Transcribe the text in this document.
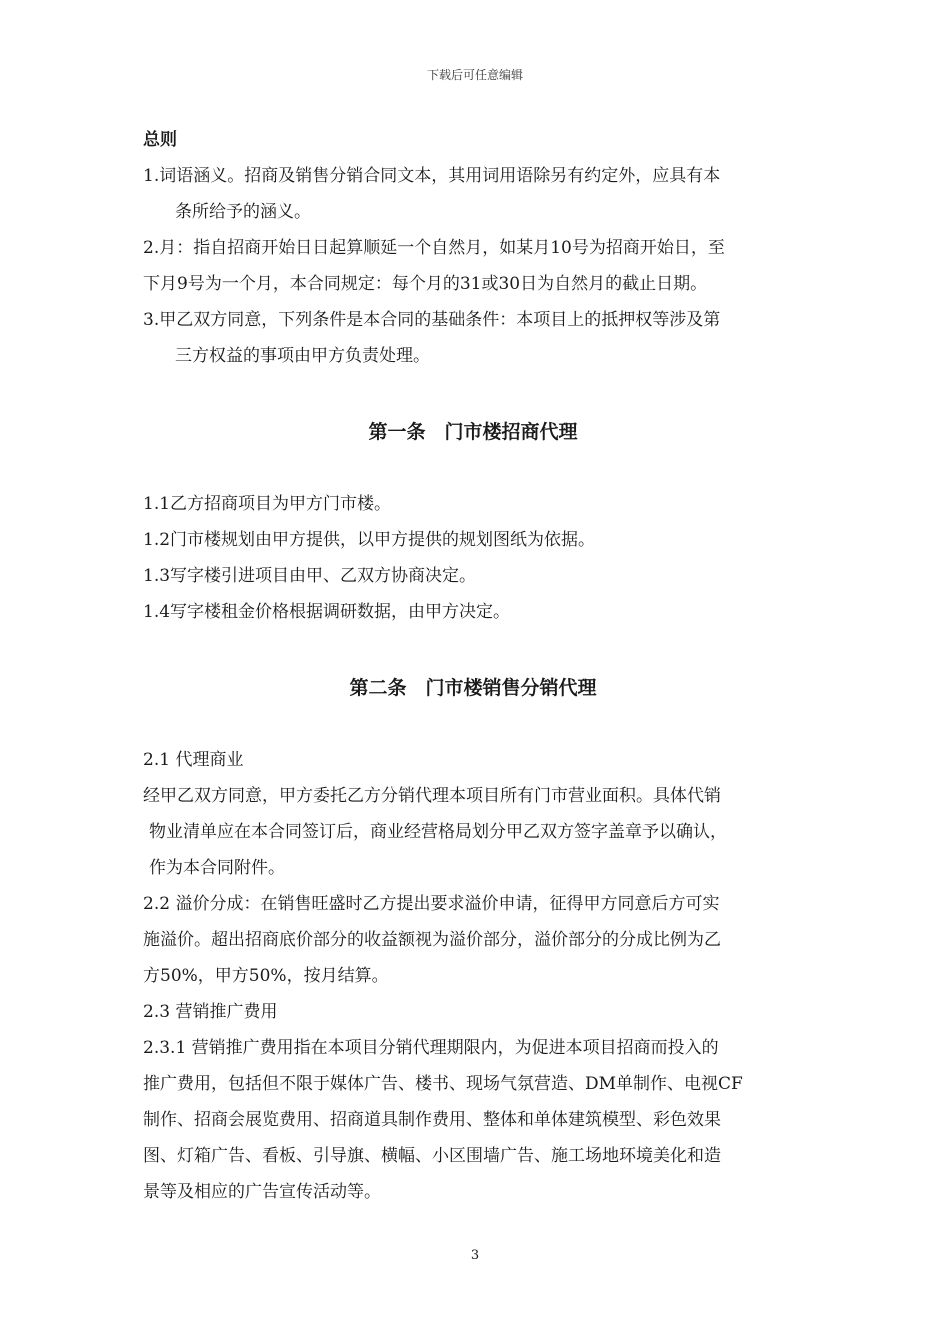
下载后可任意编辑

总则

1.词语涵义。招商及销售分销合同文本，其用词用语除另有约定外，应具有本

条所给予的涵义。

2.月：指自招商开始日日起算顺延一个自然月，如某月10号为招商开始日，至

下月9号为一个月，本合同规定：每个月的31或30日为自然月的截止日期。

3.甲乙双方同意，下列条件是本合同的基础条件：本项目上的抵押权等涉及第

三方权益的事项由甲方负责处理。

第一条　门市楼招商代理

1.1乙方招商项目为甲方门市楼。

1.2门市楼规划由甲方提供，以甲方提供的规划图纸为依据。

1.3写字楼引进项目由甲、乙双方协商决定。

1.4写字楼租金价格根据调研数据，由甲方决定。

第二条　门市楼销售分销代理

2.1 代理商业

经甲乙双方同意，甲方委托乙方分销代理本项目所有门市营业面积。具体代销

物业清单应在本合同签订后，商业经营格局划分甲乙双方签字盖章予以确认，

作为本合同附件。

2.2 溢价分成：在销售旺盛时乙方提出要求溢价申请，征得甲方同意后方可实

施溢价。超出招商底价部分的收益额视为溢价部分，溢价部分的分成比例为乙

方50%，甲方50%，按月结算。

2.3 营销推广费用

2.3.1 营销推广费用指在本项目分销代理期限内，为促进本项目招商而投入的

推广费用，包括但不限于媒体广告、楼书、现场气氛营造、DM单制作、电视CF

制作、招商会展览费用、招商道具制作费用、整体和单体建筑模型、彩色效果

图、灯箱广告、看板、引导旗、横幅、小区围墙广告、施工场地环境美化和造

景等及相应的广告宣传活动等。

3
